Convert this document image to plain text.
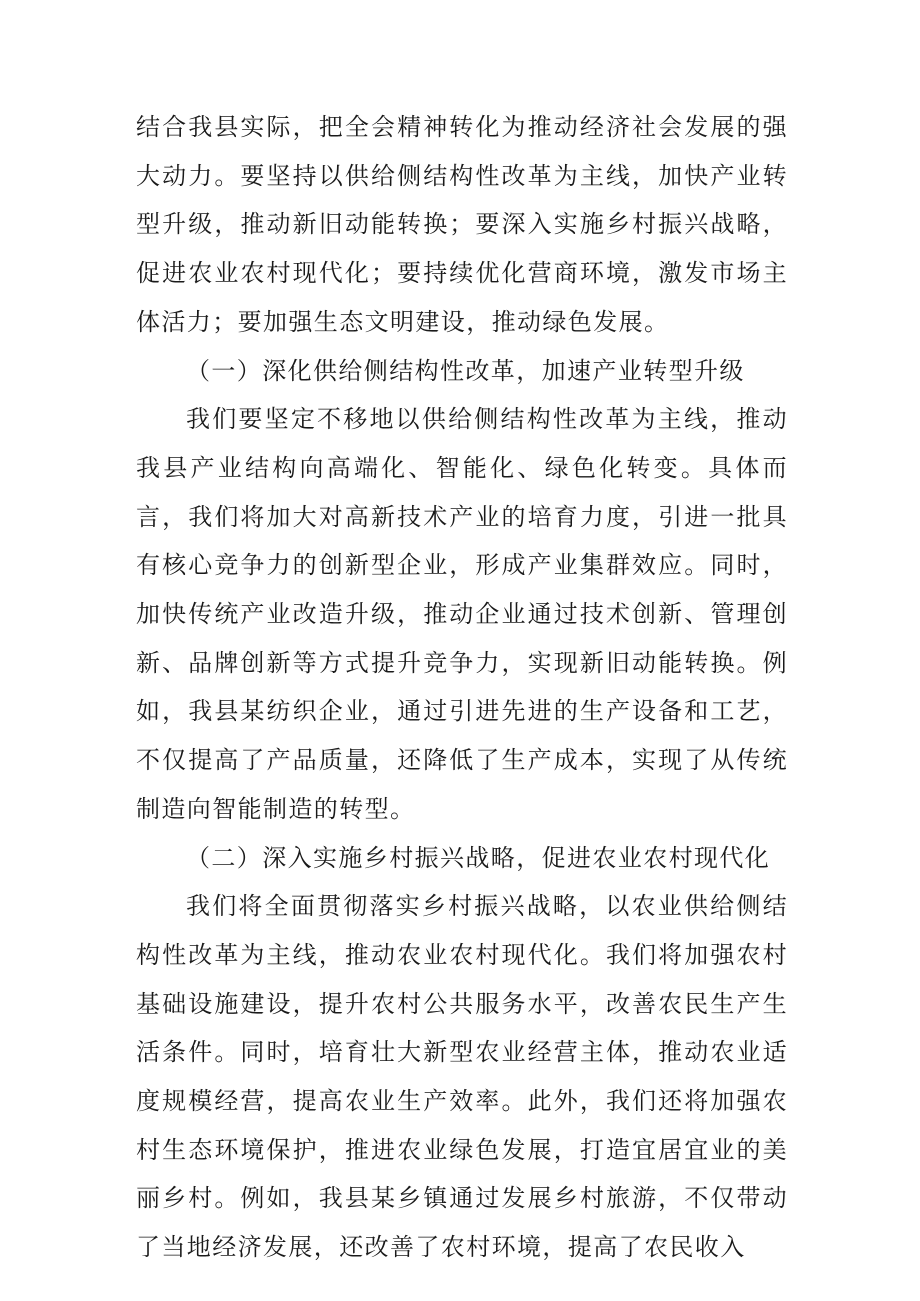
结合我县实际，把全会精神转化为推动经济社会发展的强大动力。要坚持以供给侧结构性改革为主线，加快产业转型升级，推动新旧动能转换；要深入实施乡村振兴战略，促进农业农村现代化；要持续优化营商环境，激发市场主体活力；要加强生态文明建设，推动绿色发展。

（一）深化供给侧结构性改革，加速产业转型升级

我们要坚定不移地以供给侧结构性改革为主线，推动我县产业结构向高端化、智能化、绿色化转变。具体而言，我们将加大对高新技术产业的培育力度，引进一批具有核心竞争力的创新型企业，形成产业集群效应。同时，加快传统产业改造升级，推动企业通过技术创新、管理创新、品牌创新等方式提升竞争力，实现新旧动能转换。例如，我县某纺织企业，通过引进先进的生产设备和工艺，不仅提高了产品质量，还降低了生产成本，实现了从传统制造向智能制造的转型。

（二）深入实施乡村振兴战略，促进农业农村现代化

我们将全面贯彻落实乡村振兴战略，以农业供给侧结构性改革为主线，推动农业农村现代化。我们将加强农村基础设施建设，提升农村公共服务水平，改善农民生产生活条件。同时，培育壮大新型农业经营主体，推动农业适度规模经营，提高农业生产效率。此外，我们还将加强农村生态环境保护，推进农业绿色发展，打造宜居宜业的美丽乡村。例如，我县某乡镇通过发展乡村旅游，不仅带动了当地经济发展，还改善了农村环境，提高了农民收入
